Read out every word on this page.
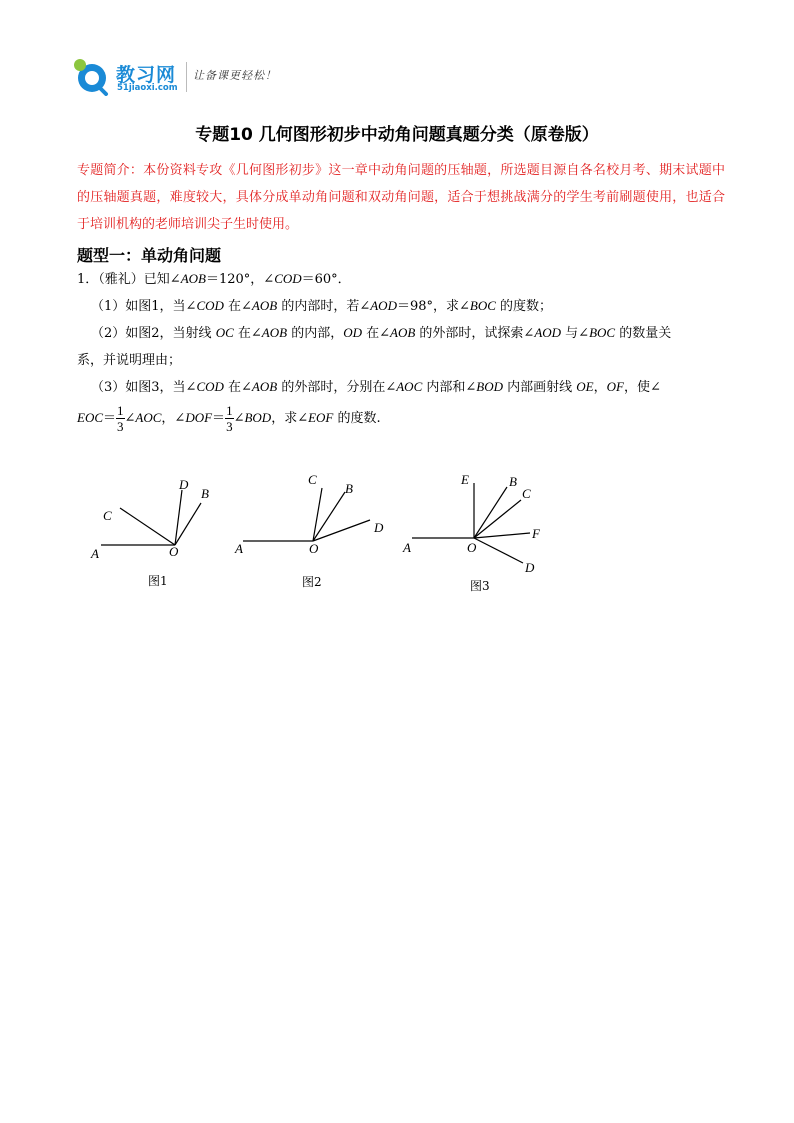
教习网
51jiaoxi.com
让备课更轻松！
专题10 几何图形初步中动角问题真题分类（原卷版）
专题简介：本份资料专攻《几何图形初步》这一章中动角问题的压轴题，所选题目源自各名校月考、期末试题中的压轴题真题，难度较大，具体分成单动角问题和双动角问题，适合于想挑战满分的学生考前刷题使用，也适合于培训机构的老师培训尖子生时使用。
题型一：单动角问题
1．（雅礼）已知∠AOB＝120°，∠COD＝60°．
（1）如图1，当∠COD 在∠AOB 的内部时，若∠AOD＝98°，求∠BOC 的度数；
（2）如图2，当射线 OC 在∠AOB 的内部，OD 在∠AOB 的外部时，试探索∠AOD 与∠BOC 的数量关
系，并说明理由；
（3）如图3，当∠COD 在∠AOB 的外部时，分别在∠AOC 内部和∠BOD 内部画射线 OE，OF，使∠
$EOC= \frac{1}{3}$ ∠AOC，∠DOF＝ $\frac{1}{3}$ ∠BOD，求∠EOF 的度数.
A	O
C
D
B
图1
A	O
C
B
D
图2
A	O
E	B
C
F
D
图3
